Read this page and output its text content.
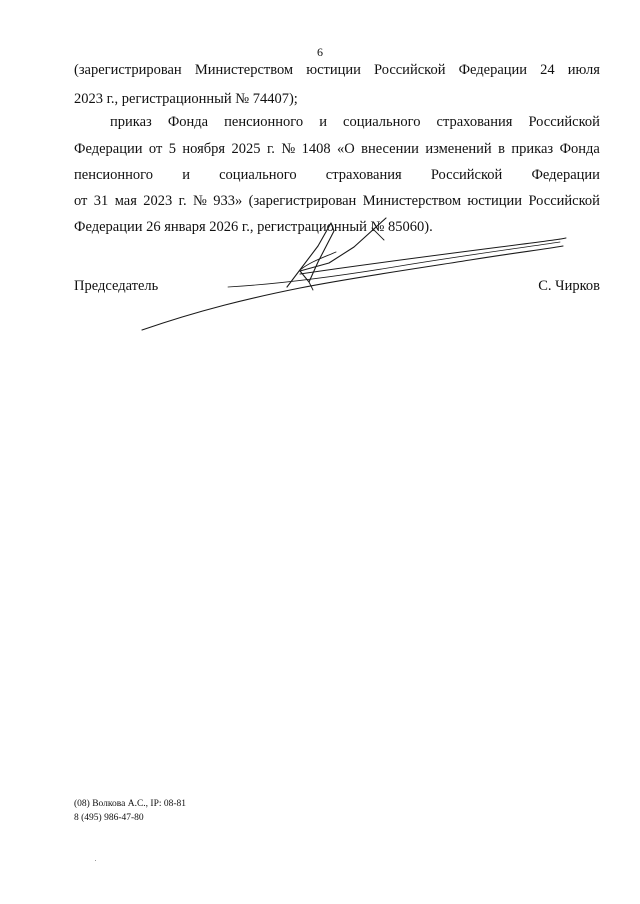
6
(зарегистрирован Министерством юстиции Российской Федерации 24 июля
2023 г., регистрационный № 74407);
приказ Фонда пенсионного и социального страхования Российской
Федерации от 5 ноября 2025 г. № 1408 «О внесении изменений в приказ Фонда
пенсионного и социального страхования Российской Федерации
от 31 мая 2023 г. № 933» (зарегистрирован Министерством юстиции Российской
Федерации 26 января 2026 г., регистрационный № 85060).
Председатель	С. Чирков
(08) Волкова А.С., IP: 08-81
8 (495) 986-47-80
